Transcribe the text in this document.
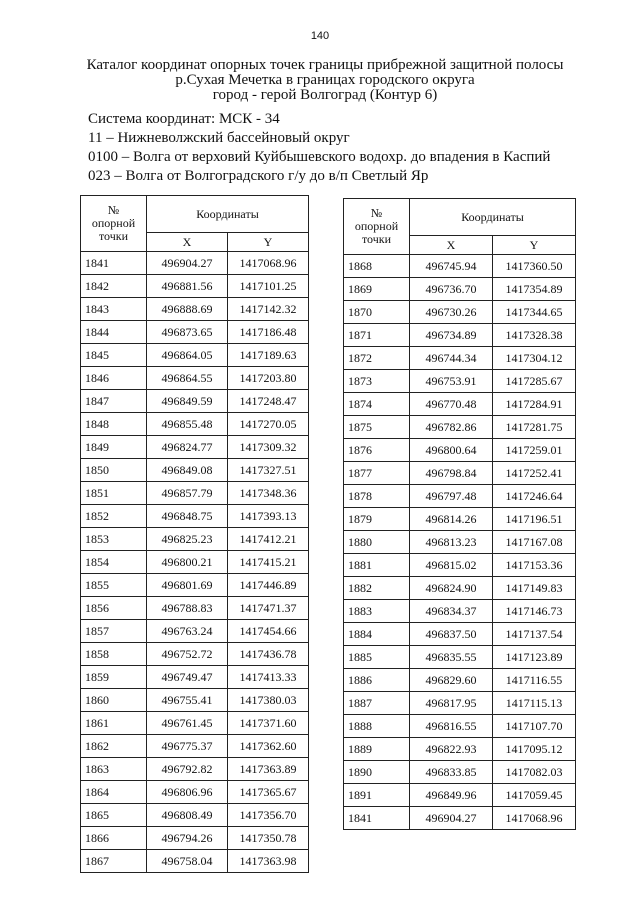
140
Каталог координат опорных точек границы прибрежной защитной полосы
р.Сухая Мечетка в границах городского округа
город - герой Волгоград (Контур 6)
Система координат: МСК - 34
11 – Нижневолжский бассейновый округ
0100 – Волга от верховий Куйбышевского водохр. до впадения в Каспий
023 – Волга от Волгоградского г/у до в/п Светлый Яр
№
опорной
точки	Координаты	
	X	Y
1841	496904.27	1417068.96
1842	496881.56	1417101.25
1843	496888.69	1417142.32
1844	496873.65	1417186.48
1845	496864.05	1417189.63
1846	496864.55	1417203.80
1847	496849.59	1417248.47
1848	496855.48	1417270.05
1849	496824.77	1417309.32
1850	496849.08	1417327.51
1851	496857.79	1417348.36
1852	496848.75	1417393.13
1853	496825.23	1417412.21
1854	496800.21	1417415.21
1855	496801.69	1417446.89
1856	496788.83	1417471.37
1857	496763.24	1417454.66
1858	496752.72	1417436.78
1859	496749.47	1417413.33
1860	496755.41	1417380.03
1861	496761.45	1417371.60
1862	496775.37	1417362.60
1863	496792.82	1417363.89
1864	496806.96	1417365.67
1865	496808.49	1417356.70
1866	496794.26	1417350.78
1867	496758.04	1417363.98
№
опорной
точки	Координаты	
	X	Y
1868	496745.94	1417360.50
1869	496736.70	1417354.89
1870	496730.26	1417344.65
1871	496734.89	1417328.38
1872	496744.34	1417304.12
1873	496753.91	1417285.67
1874	496770.48	1417284.91
1875	496782.86	1417281.75
1876	496800.64	1417259.01
1877	496798.84	1417252.41
1878	496797.48	1417246.64
1879	496814.26	1417196.51
1880	496813.23	1417167.08
1881	496815.02	1417153.36
1882	496824.90	1417149.83
1883	496834.37	1417146.73
1884	496837.50	1417137.54
1885	496835.55	1417123.89
1886	496829.60	1417116.55
1887	496817.95	1417115.13
1888	496816.55	1417107.70
1889	496822.93	1417095.12
1890	496833.85	1417082.03
1891	496849.96	1417059.45
1841	496904.27	1417068.96
